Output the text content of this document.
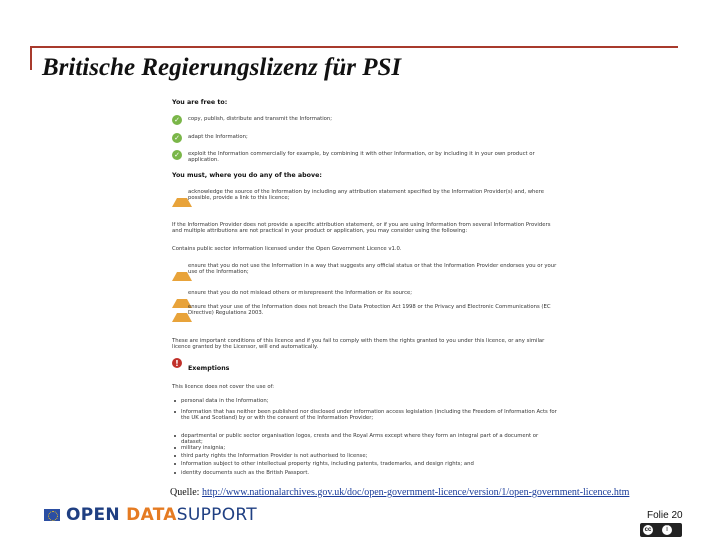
Britische Regierungslizenz für PSI
You are free to:
✓	copy, publish, distribute and transmit the Information;
✓	adapt the Information;
✓	exploit the Information commercially for example, by combining it with other Information, or by including it in your own product or application.
You must, where you do any of the above:
acknowledge the source of the Information by including any attribution statement specified by the Information Provider(s) and, where possible, provide a link to this licence;
If the Information Provider does not provide a specific attribution statement, or if you are using Information from several Information Providers and multiple attributions are not practical in your product or application, you may consider using the following:
Contains public sector information licensed under the Open Government Licence v1.0.
ensure that you do not use the Information in a way that suggests any official status or that the Information Provider endorses you or your use of the Information;
ensure that you do not mislead others or misrepresent the Information or its source;
ensure that your use of the Information does not breach the Data Protection Act 1998 or the Privacy and Electronic Communications (EC Directive) Regulations 2003.
These are important conditions of this licence and if you fail to comply with them the rights granted to you under this licence, or any similar licence granted by the Licensor, will end automatically.
!
Exemptions
This licence does not cover the use of:
personal data in the Information;
Information that has neither been published nor disclosed under information access legislation (including the Freedom of Information Acts for the UK and Scotland) by or with the consent of the Information Provider;
departmental or public sector organisation logos, crests and the Royal Arms except where they form an integral part of a document or dataset;
military insignia;
third party rights the Information Provider is not authorised to license;
Information subject to other intellectual property rights, including patents, trademarks, and design rights; and
identity documents such as the British Passport.
Quelle: http://www.nationalarchives.gov.uk/doc/open-government-licence/version/1/open-government-licence.htm
OPEN DATASUPPORT	Folie 20
cc	i
